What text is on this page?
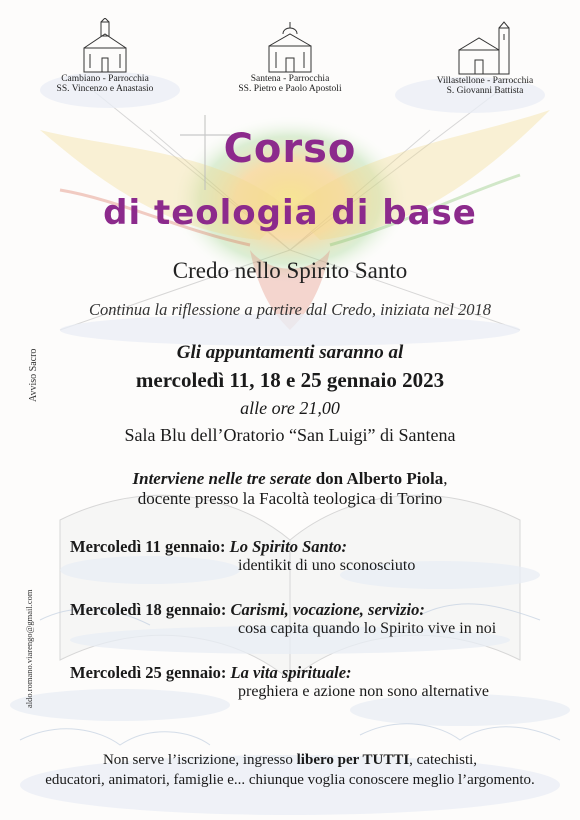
Cambiano - Parrocchia
SS. Vincenzo e Anastasio
Santena - Parrocchia
SS. Pietro e Paolo Apostoli
Villastellone - Parrocchia
S. Giovanni Battista
Corso
di teologia di base
Credo nello Spirito Santo
Continua la riflessione a partire dal Credo, iniziata nel 2018
Gli appuntamenti saranno al
mercoledì 11, 18 e 25 gennaio 2023
alle ore 21,00
Sala Blu dell’Oratorio “San Luigi” di Santena
Interviene nelle tre serate don Alberto Piola,
docente presso la Facoltà teologica di Torino
Mercoledì 11 gennaio: Lo Spirito Santo:
identikit di uno sconosciuto
Mercoledì 18 gennaio: Carismi, vocazione, servizio:
cosa capita quando lo Spirito vive in noi
Mercoledì 25 gennaio: La vita spirituale:
preghiera e azione non sono alternative
Non serve l’iscrizione, ingresso libero per TUTTI, catechisti,
educatori, animatori, famiglie e... chiunque voglia conoscere meglio l’argomento.
Avviso Sacro
aldo.romano.viarengo@gmail.com
